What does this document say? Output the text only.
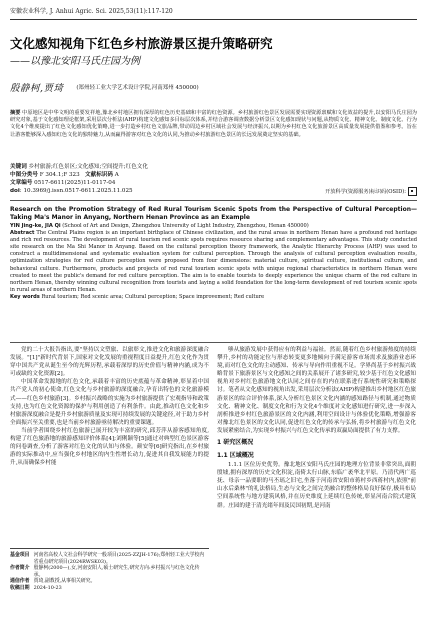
安徽农业科学, J. Anhui Agric. Sci. 2025,53(11):117-120
文化感知视角下红色乡村旅游景区提升策略研究
——以豫北安阳马氏庄园为例
殷静柯,贾琦 $^{(郑州轻工业大学艺术设计学院,河南郑州 450000)}$
摘要 中原地区是中华文明的重要发祥地,豫北乡村地区拥有深厚的红色历史基础和丰富的红色资源。乡村旅游红色景区发展需要实现资源禀赋和文化效益的提升,以安阳马氏庄园为研究对象,基于文化感知理论框架,采用层次分析法(AHP)构建文化感知多目标层次体系,并结合游客调查数据分析景区文化感知现状与问题,从物质文化、精神文化、制度文化、行为文化4个维度提出了红色文化感知优化策略,进一步打造乡村红色文旅品牌,带动周边乡村区域社会发展与经济振兴,以期为乡村红色文化旅游景区高质量发展提供借鉴和参考。旨在让游客能够深入感知红色文化的独特魅力,从而赢得游客对红色文化的认同,为推动乡村旅游红色景区的长远发展奠定坚实的基础。
关键词 乡村旅游;红色景区;文化感知;空间提升;红色文化
中图分类号 F 304.1;F 323 文献标识码 A
文章编号 0517-6611(2025)11-0117-04
doi: 10.3969/j.issn.0517-6611.2025.11.025	开放科学(资源服务)标识码(OSID):
Research on the Promotion Strategy of Red Rural Tourism Scenic Spots from the Perspective of Cultural Perception—Taking Ma's Manor in Anyang, Northern Henan Province as an Example
YIN Jing-ke, JIA Qi (School of Art and Design, Zhengzhou University of Light Industry, Zhengzhou, Henan 450000)
Abstract The Central Plains region is an important birthplace of Chinese civilization, and the rural areas in northern Henan have a profound red heritage and rich red resources. The development of rural tourism red scenic spots requires resource sharing and complementary advantages. This study conducted site research on the Ma Shi Manor in Anyang. Based on the cultural perception theory framework, the Analytic Hierarchy Process (AHP) was used to construct a multidimensional and systematic evaluation system for cultural perception. Through the analysis of cultural perception evaluation results, optimization strategies for red culture perception were proposed from four dimensions: material culture, spiritual culture, institutional culture, and behavioral culture. Furthermore, products and projects of red rural tourism scenic spots with unique regional characteristics in northern Henan were created to meet the public's demand for red culture perception. The aim is to enable tourists to deeply experience the unique charm of the red culture in northern Henan, thereby winning cultural recognition from tourists and laying a solid foundation for the long-term development of red tourism scenic spots in rural areas of northern Henan.
Key words Rural tourism; Red scenic area; Cultural perception; Space improvement; Red culture

党的二十大报告指出,要"坚持以文塑旅、以旅彰文,推进文化和旅游深度融合发展。"[1]"新时代背景下,国家对文化发展的重视程度日益提升,红色文化作为贯穿中国共产党从诞生至今的光辉历程,承载着深厚的历史价值与精神内涵,成为不可或缺的文化资源[2]。

中国革命发源地的红色文化,承载着丰富的历史底蕴与革命精神,彰显着中国共产党人的初心使命,红色文化与乡村旅游的深度融合,孕育出特色的文化旅游模式——红色乡村旅游[3]。乡村振兴战略的实施为乡村旅游提供了宏观指导和政策支持,也为红色文化资源的保护与利用创造了有利条件。由此,推动红色文化和乡村旅游深度融合是提升乡村旅游质量及实现可持续发展的关键途径,对于助力乡村全面振兴至关重要,也是当前乡村旅游亟待解决的重要课题。

当前学者围绕乡村红色旅游已展开较为丰富的研究,邱芳萍从游客感知角度,构建了红色旅游地的旅游感知评价体系[4];刘俐颖等[5]通过对典型红色景区游客的问卷调查,分析了游客对红色文化的认知与体验。颜安等[6]研究指出,在乡村旅游的实际推动中,应当强化乡村地区的内生性增长动力,促进其自我发展能力的提升,从而确保乡村能

够从旅游发展中获得应有的利益与福祉。然而,随着红色乡村旅游热度的持续攀升,乡村的功能定位与形态转变更多地倾向于满足游客市场需求及旅游业态环境,而对红色文化的主动感知、传承与导向作用重视不足。学界尚基于乡村振兴战略背景下旅游景区与文化感知之间的关系展开了诸多研究,较少基于红色文化感知视角对乡村红色旅游地文化认同之间存在的内在联系进行系统性研究和策略探讨。笔者从文化感知的视角出发,采用层次分析法(AHP)构建推出乡村地区红色旅游景区的综合评价体系,深入分析红色景区文化内涵的感知路径与机制,通过物质文化、精神文化、制度文化和行为文化4个维度对文化感知进行研究,进一步深入剖析推进乡村红色旅游景区的文化内涵,利用空间设计与体验优化策略,增强游客对豫北红色景区的文化认同,促进红色文化的传承与弘扬,将乡村旅游与红色文化发展紧密结合,为实现乡村振兴与红色文化传承的双赢局面提供了有力支撑。

1 研究区概况
1.1 区域概况

1.1.1 区位历史优势。豫北地区安阳马氏庄园的地理方位背景非常突出,面朝殷墟,拥有深厚的历史文化积淀,南倚太行山脉,东临广袤华北平原。乃清代两广巡抚、母亲一品要职的马丕瑶之旧宅,坐落于河南省安阳市蒋村乡西蒋村内,依照"前山水后桑林"的礼法格局,生态与文化之间完美融合的整体格局良好保存,极具布局空间系统性与地方建筑风格,并在历史维度上延续红色传统,彰显河南合院式建筑群。庄园的建于清光绪年间及民国初期,是河南

基金项目 河南省高校人文社会科学研究一般项目(2025-ZZJH-176);郑州轻工业大学校内省重点研究项目(2024RWSK03)。
作者简介 殷静柯(2000—),女,河南安阳人,硕士研究生,研究方向:乡村振兴与红色文化传承。
通信作者 贾琦,副教授,从事相关研究。
收稿日期 2024-10-23
